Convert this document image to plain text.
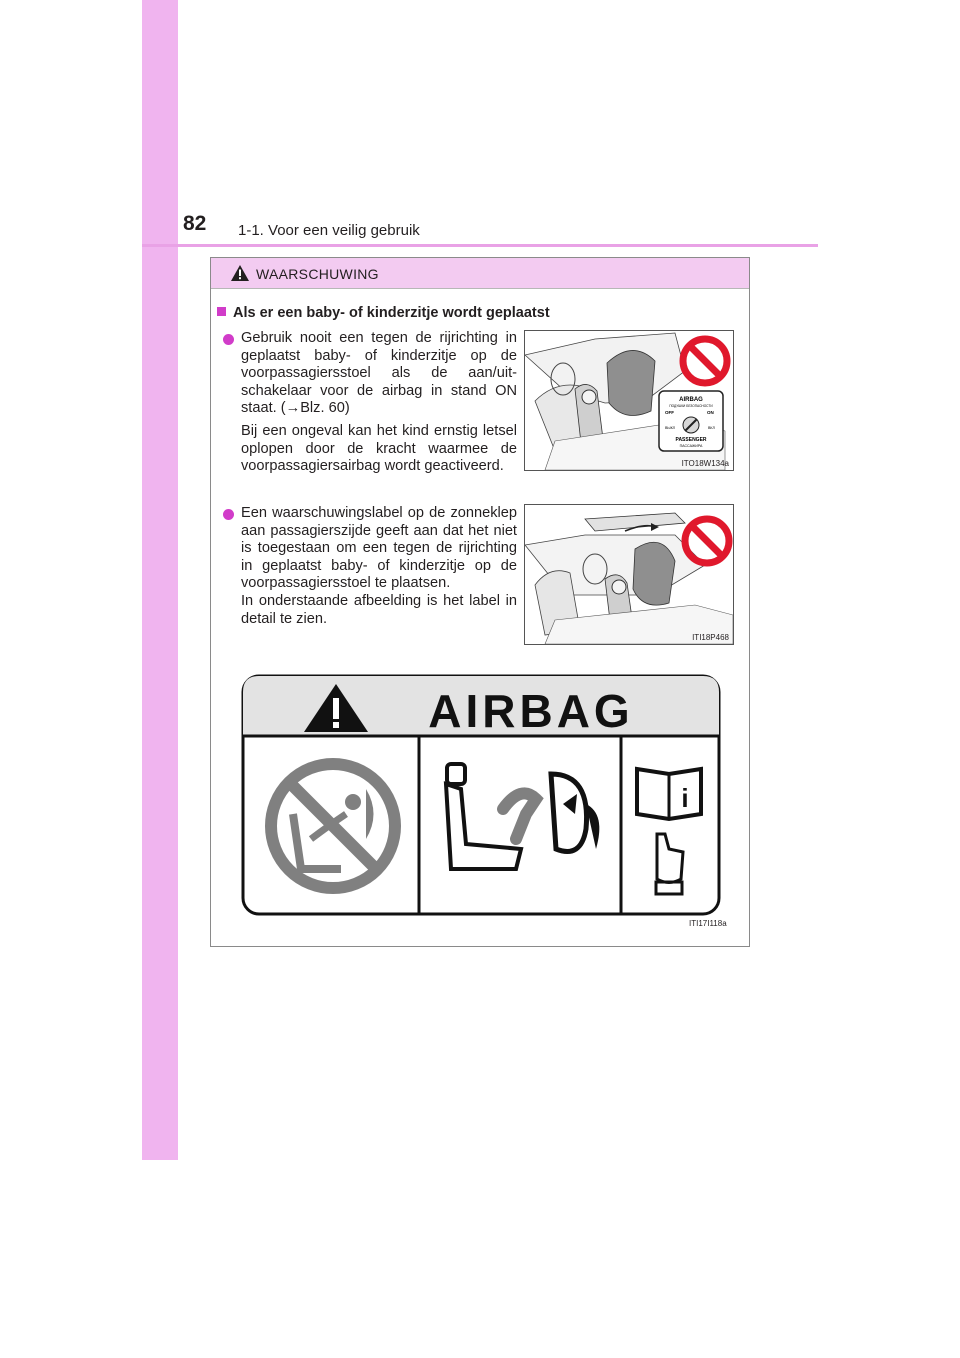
82 1-1. Voor een veilig gebruik
WAARSCHUWING
Als er een baby- of kinderzitje wordt geplaatst

Gebruik nooit een tegen de rijrichting in geplaatst baby- of kinderzitje op de voorpassagiersstoel als de aan/uit-schakelaar voor de airbag in stand ON staat. (→Blz. 60)

Bij een ongeval kan het kind ernstig letsel oplopen door de kracht waarmee de voorpassagiersairbag wordt geactiveerd.

AIRBAG
ПОДУШКИ БЕЗОПАСНОСТИ
OFF	ON
ВЫКЛ	ВКЛ
PASSENGER
ПАССАЖИРА
ITO18W134a

Een waarschuwingslabel op de zonneklep aan passagierszijde geeft aan dat het niet is toegestaan om een tegen de rijrichting in geplaatst baby- of kinderzitje op de voorpassagiersstoel te plaatsen.

In onderstaande afbeelding is het label in detail te zien.

ITI18P468
AIRBAG
i
ITI17I118a
